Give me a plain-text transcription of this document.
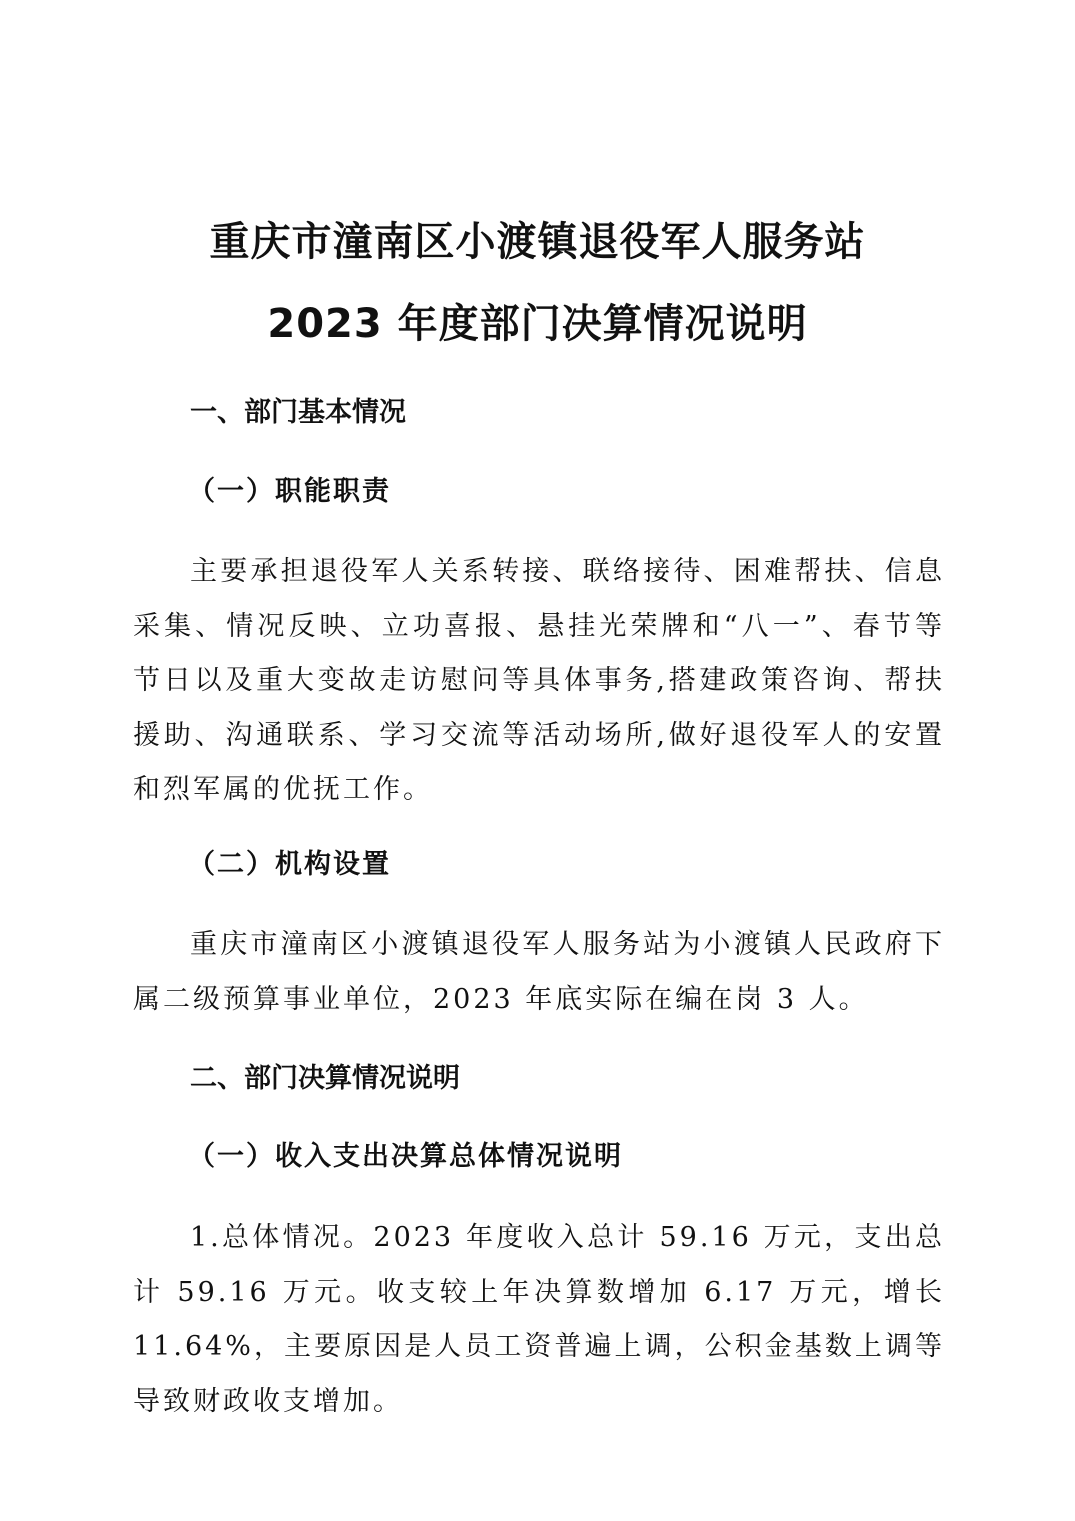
重庆市潼南区小渡镇退役军人服务站
2023 年度部门决算情况说明
一、部门基本情况
（一）职能职责

主要承担退役军人关系转接、联络接待、困难帮扶、信息采集、情况反映、立功喜报、悬挂光荣牌和“八一”、春节等节日以及重大变故走访慰问等具体事务,搭建政策咨询、帮扶援助、沟通联系、学习交流等活动场所,做好退役军人的安置和烈军属的优抚工作。

（二）机构设置

重庆市潼南区小渡镇退役军人服务站为小渡镇人民政府下属二级预算事业单位，2023 年底实际在编在岗 3 人。

二、部门决算情况说明
（一）收入支出决算总体情况说明

1.总体情况。2023 年度收入总计 59.16 万元，支出总计 59.16 万元。收支较上年决算数增加 6.17 万元，增长 11.64%，主要原因是人员工资普遍上调，公积金基数上调等导致财政收支增加。
